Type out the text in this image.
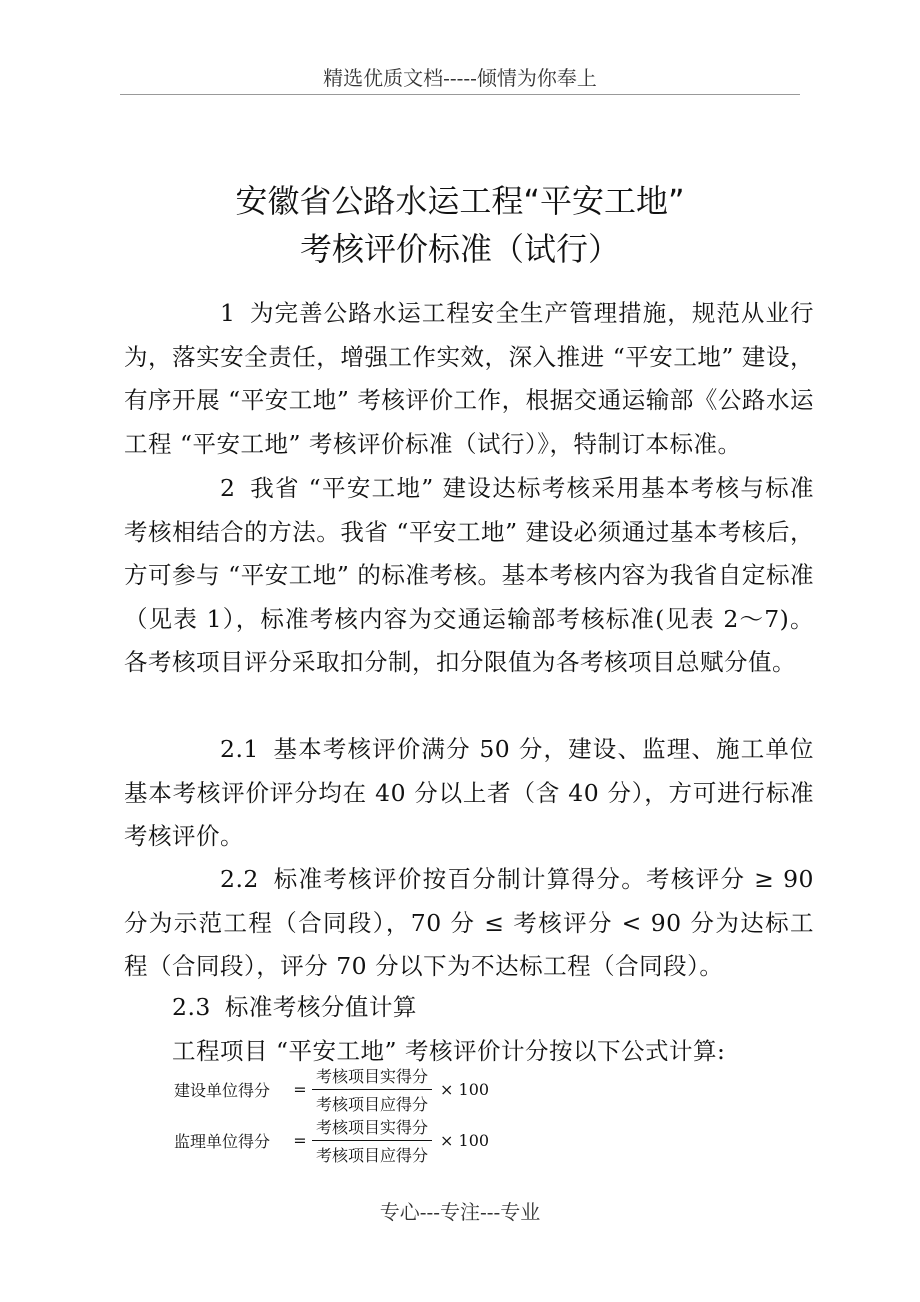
精选优质文档-----倾情为你奉上
安徽省公路水运工程“平安工地”
考核评价标准（试行）
1 为完善公路水运工程安全生产管理措施，规范从业行为，落实安全责任，增强工作实效，深入推进 “平安工地” 建设，有序开展 “平安工地” 考核评价工作，根据交通运输部《公路水运工程 “平安工地” 考核评价标准（试行）》，特制订本标准。
2 我省 “平安工地” 建设达标考核采用基本考核与标准考核相结合的方法。我省 “平安工地” 建设必须通过基本考核后，方可参与 “平安工地” 的标准考核。基本考核内容为我省自定标准（见表 1），标准考核内容为交通运输部考核标准(见表 2～7)。各考核项目评分采取扣分制，扣分限值为各考核项目总赋分值。
2.1 基本考核评价满分 50 分，建设、监理、施工单位基本考核评价评分均在 40 分以上者（含 40 分），方可进行标准考核评价。
2.2 标准考核评价按百分制计算得分。考核评分 ≥ 90 分为示范工程（合同段），70 分 ≤ 考核评分 < 90 分为达标工程（合同段），评分 70 分以下为不达标工程（合同段）。
2.3 标准考核分值计算
工程项目 “平安工地” 考核评价计分按以下公式计算:
建设单位得分	= $\frac{\text{考核项目实得分}}{\text{考核项目应得分}} \times 100$
监理单位得分	= $\frac{\text{考核项目实得分}}{\text{考核项目应得分}} \times 100$
专心---专注---专业
